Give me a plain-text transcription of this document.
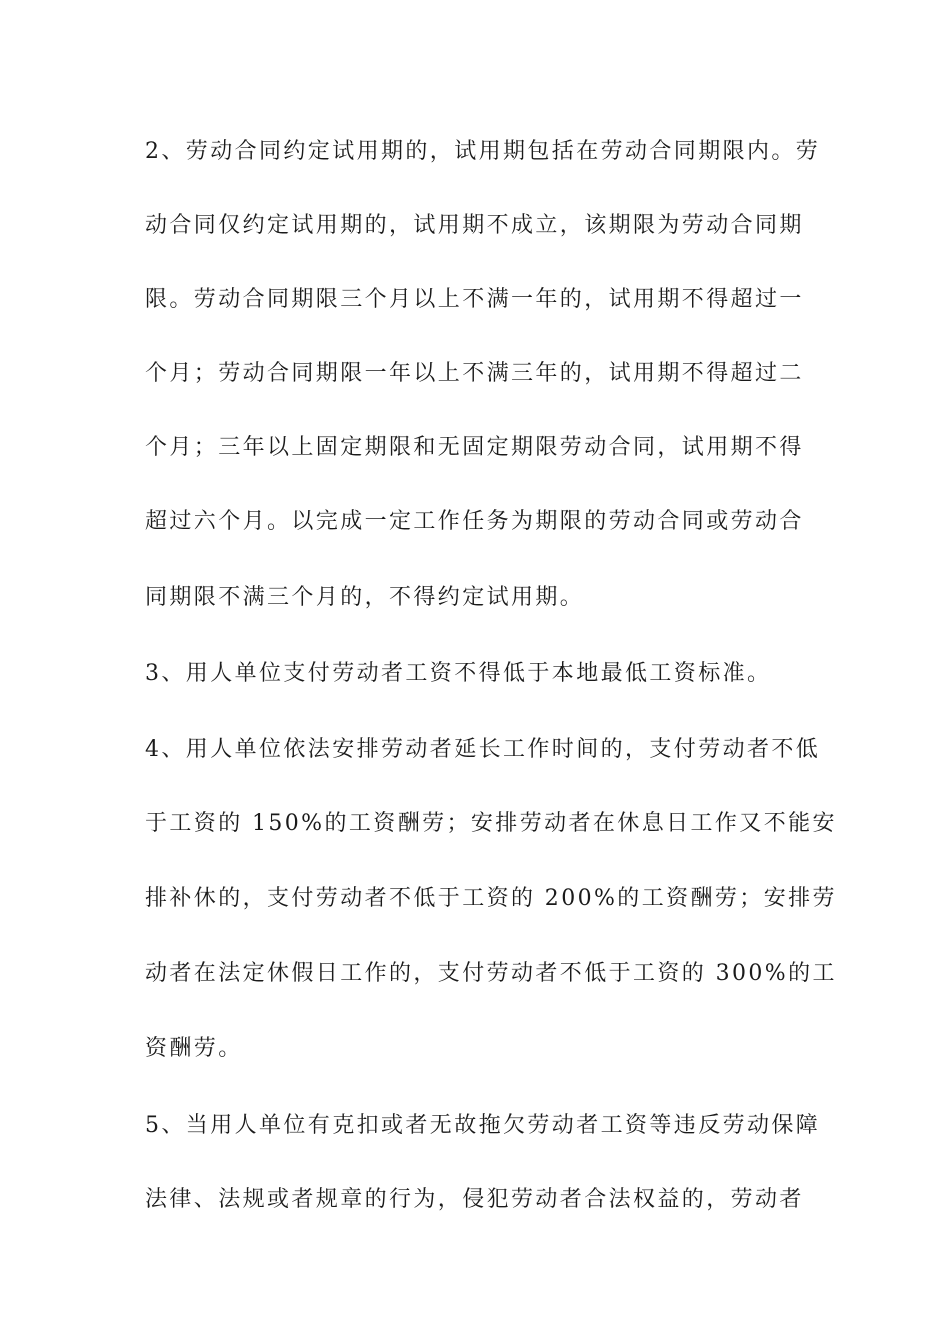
2、劳动合同约定试用期的，试用期包括在劳动合同期限内。劳
动合同仅约定试用期的，试用期不成立，该期限为劳动合同期
限。劳动合同期限三个月以上不满一年的，试用期不得超过一
个月；劳动合同期限一年以上不满三年的，试用期不得超过二
个月；三年以上固定期限和无固定期限劳动合同，试用期不得
超过六个月。以完成一定工作任务为期限的劳动合同或劳动合
同期限不满三个月的，不得约定试用期。
3、用人单位支付劳动者工资不得低于本地最低工资标准。
4、用人单位依法安排劳动者延长工作时间的，支付劳动者不低
于工资的 150%的工资酬劳；安排劳动者在休息日工作又不能安
排补休的，支付劳动者不低于工资的 200%的工资酬劳；安排劳
动者在法定休假日工作的，支付劳动者不低于工资的 300%的工
资酬劳。
5、当用人单位有克扣或者无故拖欠劳动者工资等违反劳动保障
法律、法规或者规章的行为，侵犯劳动者合法权益的，劳动者
